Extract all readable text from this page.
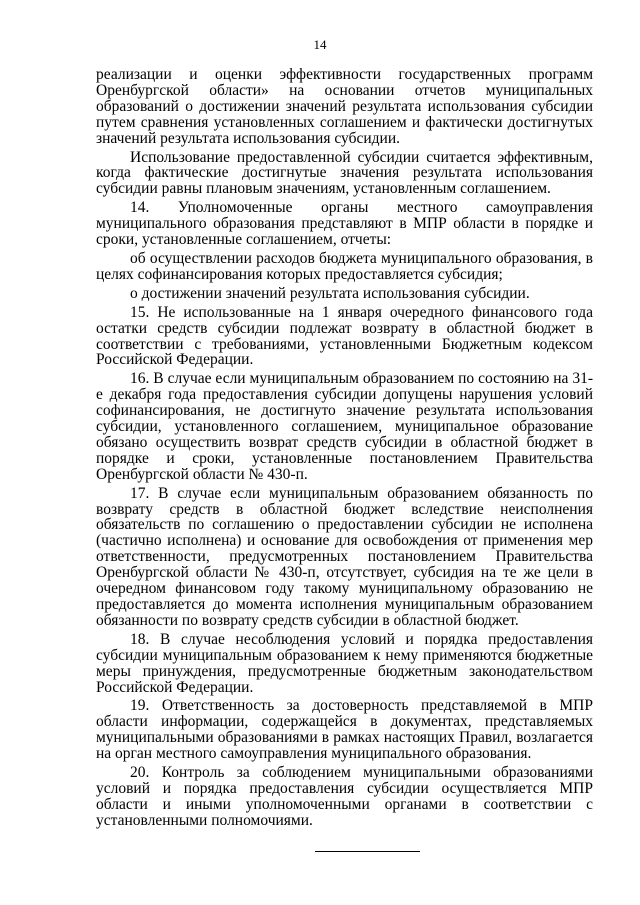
14

реализации и оценки эффективности государственных программ Оренбургской области» на основании отчетов муниципальных образований о достижении значений результата использования субсидии путем сравнения установленных соглашением и фактически достигнутых значений результата использования субсидии.

Использование предоставленной субсидии считается эффективным, когда фактические достигнутые значения результата использования субсидии равны плановым значениям, установленным соглашением.

14. Уполномоченные органы местного самоуправления муниципального образования представляют в МПР области в порядке и сроки, установленные соглашением, отчеты:

об осуществлении расходов бюджета муниципального образования, в целях софинансирования которых предоставляется субсидия;

о достижении значений результата использования субсидии.

15. Не использованные на 1 января очередного финансового года остатки средств субсидии подлежат возврату в областной бюджет в соответствии с требованиями, установленными Бюджетным кодексом Российской Федерации.

16. В случае если муниципальным образованием по состоянию на 31-е декабря года предоставления субсидии допущены нарушения условий софинансирования, не достигнуто значение результата использования субсидии, установленного соглашением, муниципальное образование обязано осуществить возврат средств субсидии в областной бюджет в порядке и сроки, установленные постановлением Правительства Оренбургской области № 430-п.

17. В случае если муниципальным образованием обязанность по возврату средств в областной бюджет вследствие неисполнения обязательств по соглашению о предоставлении субсидии не исполнена (частично исполнена) и основание для освобождения от применения мер ответственности, предусмотренных постановлением Правительства Оренбургской области № 430-п, отсутствует, субсидия на те же цели в очередном финансовом году такому муниципальному образованию не предоставляется до момента исполнения муниципальным образованием обязанности по возврату средств субсидии в областной бюджет.

18. В случае несоблюдения условий и порядка предоставления субсидии муниципальным образованием к нему применяются бюджетные меры принуждения, предусмотренные бюджетным законодательством Российской Федерации.

19. Ответственность за достоверность представляемой в МПР области информации, содержащейся в документах, представляемых муниципальными образованиями в рамках настоящих Правил, возлагается на орган местного самоуправления муниципального образования.

20. Контроль за соблюдением муниципальными образованиями условий и порядка предоставления субсидии осуществляется МПР области и иными уполномоченными органами в соответствии с установленными полномочиями.
